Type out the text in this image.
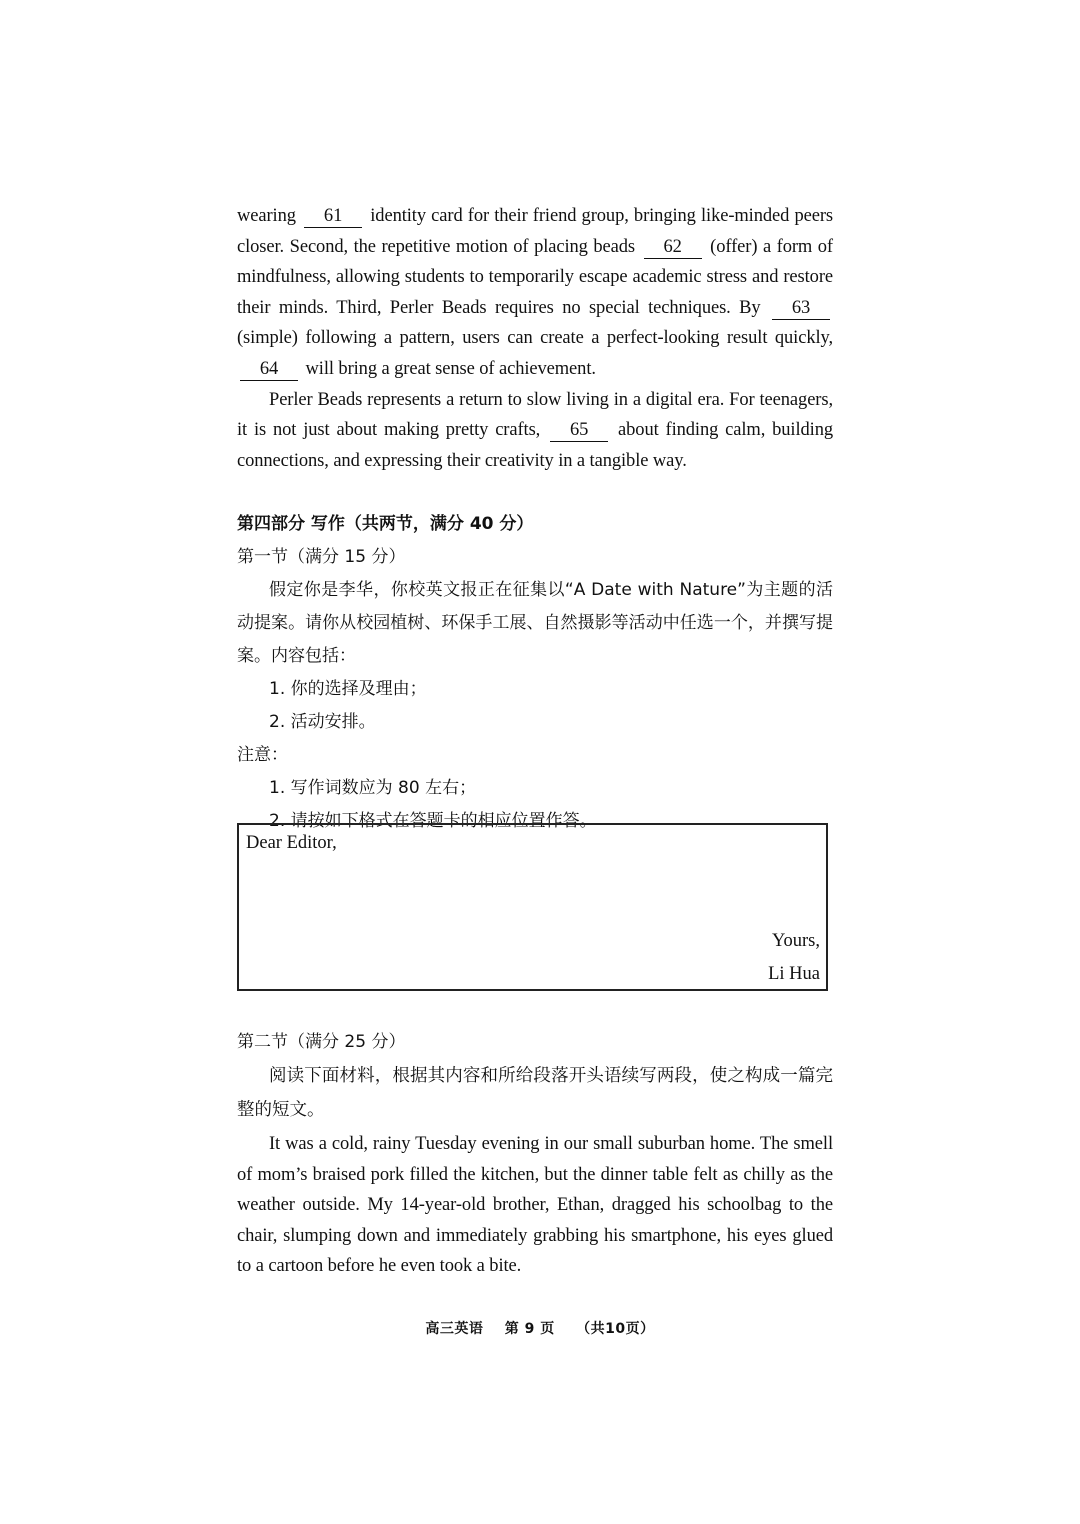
wearing 61 identity card for their friend group, bringing like-minded peers closer. Second, the repetitive motion of placing beads 62 (offer) a form of mindfulness, allowing students to temporarily escape academic stress and restore their minds. Third, Perler Beads requires no special techniques. By 63 (simple) following a pattern, users can create a perfect-looking result quickly, 64 will bring a great sense of achievement.

Perler Beads represents a return to slow living in a digital era. For teenagers, it is not just about making pretty crafts, 65 about finding calm, building connections, and expressing their creativity in a tangible way.

第四部分 写作（共两节，满分 40 分）

第一节（满分 15 分）

假定你是李华，你校英文报正在征集以“A Date with Nature”为主题的活动提案。请你从校园植树、环保手工展、自然摄影等活动中任选一个，并撰写提案。内容包括：

1. 你的选择及理由；

2. 活动安排。

注意：

1. 写作词数应为 80 左右；

2. 请按如下格式在答题卡的相应位置作答。

Dear Editor,
Yours,
Li Hua

第二节（满分 25 分）

阅读下面材料，根据其内容和所给段落开头语续写两段，使之构成一篇完整的短文。

It was a cold, rainy Tuesday evening in our small suburban home. The smell of mom’s braised pork filled the kitchen, but the dinner table felt as chilly as the weather outside. My 14-year-old brother, Ethan, dragged his schoolbag to the chair, slumping down and immediately grabbing his smartphone, his eyes glued to a cartoon before he even took a bite.

高三英语 第 9 页 （共10页）
